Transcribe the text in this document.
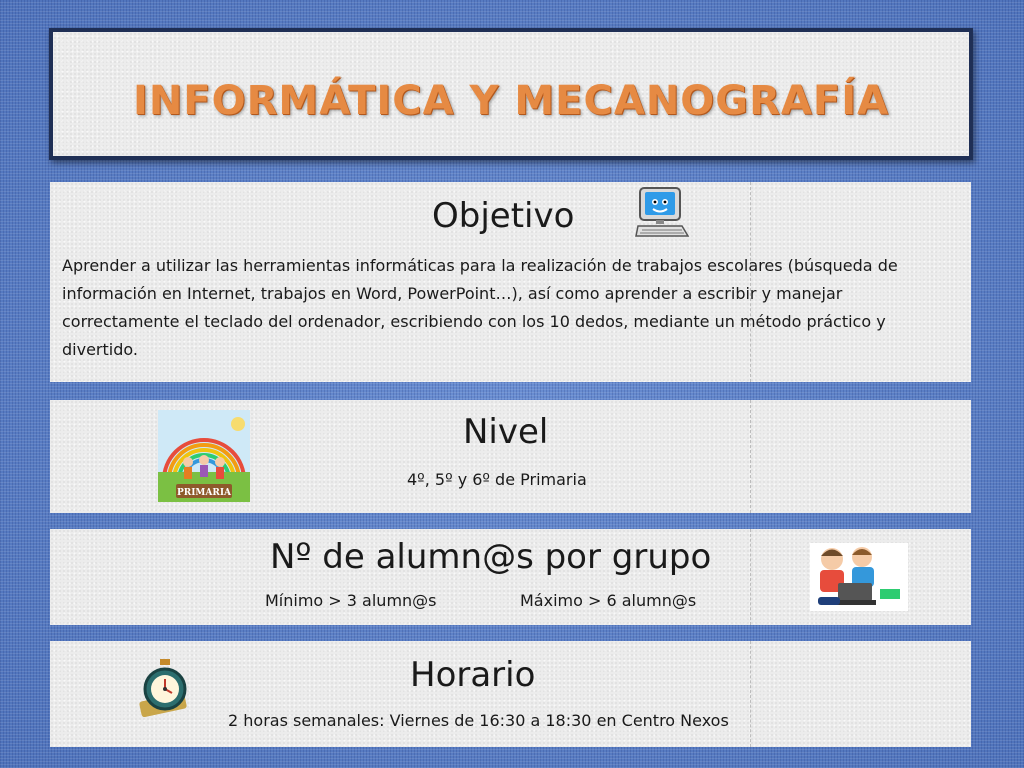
INFORMÁTICA Y MECANOGRAFÍA
Objetivo
Aprender a utilizar las herramientas informáticas para la realización de trabajos escolares (búsqueda de información en Internet, trabajos en Word, PowerPoint…), así como aprender a escribir y manejar correctamente el teclado del ordenador, escribiendo con los 10 dedos, mediante un método práctico y divertido.
PRIMARIA
Nivel
4º, 5º y 6º de Primaria
Nº de alumn@s por grupo
Mínimo > 3 alumn@s	Máximo > 6 alumn@s
Horario
2 horas semanales: Viernes de 16:30 a 18:30 en Centro Nexos
